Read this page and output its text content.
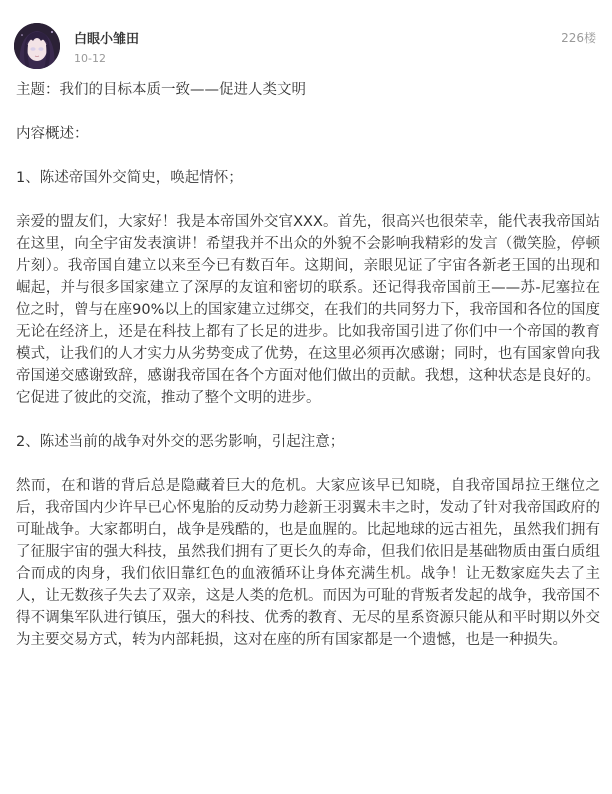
白眼小雏田
10-12
226楼

主题：我们的目标本质一致——促进人类文明

内容概述：

1、陈述帝国外交简史，唤起情怀；

亲爱的盟友们，大家好！我是本帝国外交官XXX。首先，很高兴也很荣幸，能代表我帝国站在这里，向全宇宙发表演讲！希望我并不出众的外貌不会影响我精彩的发言（微笑脸，停顿片刻）。我帝国自建立以来至今已有数百年。这期间，亲眼见证了宇宙各新老王国的出现和崛起，并与很多国家建立了深厚的友谊和密切的联系。还记得我帝国前王——苏-尼塞拉在位之时，曾与在座90%以上的国家建立过绑交，在我们的共同努力下，我帝国和各位的国度无论在经济上，还是在科技上都有了长足的进步。比如我帝国引进了你们中一个帝国的教育模式，让我们的人才实力从劣势变成了优势，在这里必须再次感谢；同时，也有国家曾向我帝国递交感谢致辞，感谢我帝国在各个方面对他们做出的贡献。我想，这种状态是良好的。它促进了彼此的交流，推动了整个文明的进步。

2、陈述当前的战争对外交的恶劣影响，引起注意；

然而，在和谐的背后总是隐藏着巨大的危机。大家应该早已知晓，自我帝国昂拉王继位之后，我帝国内少许早已心怀鬼胎的反动势力趁新王羽翼未丰之时，发动了针对我帝国政府的可耻战争。大家都明白，战争是残酷的，也是血腥的。比起地球的远古祖先，虽然我们拥有了征服宇宙的强大科技，虽然我们拥有了更长久的寿命，但我们依旧是基础物质由蛋白质组合而成的肉身，我们依旧靠红色的血液循环让身体充满生机。战争！让无数家庭失去了主人，让无数孩子失去了双亲，这是人类的危机。而因为可耻的背叛者发起的战争，我帝国不得不调集军队进行镇压，强大的科技、优秀的教育、无尽的星系资源只能从和平时期以外交为主要交易方式，转为内部耗损，这对在座的所有国家都是一个遗憾，也是一种损失。
